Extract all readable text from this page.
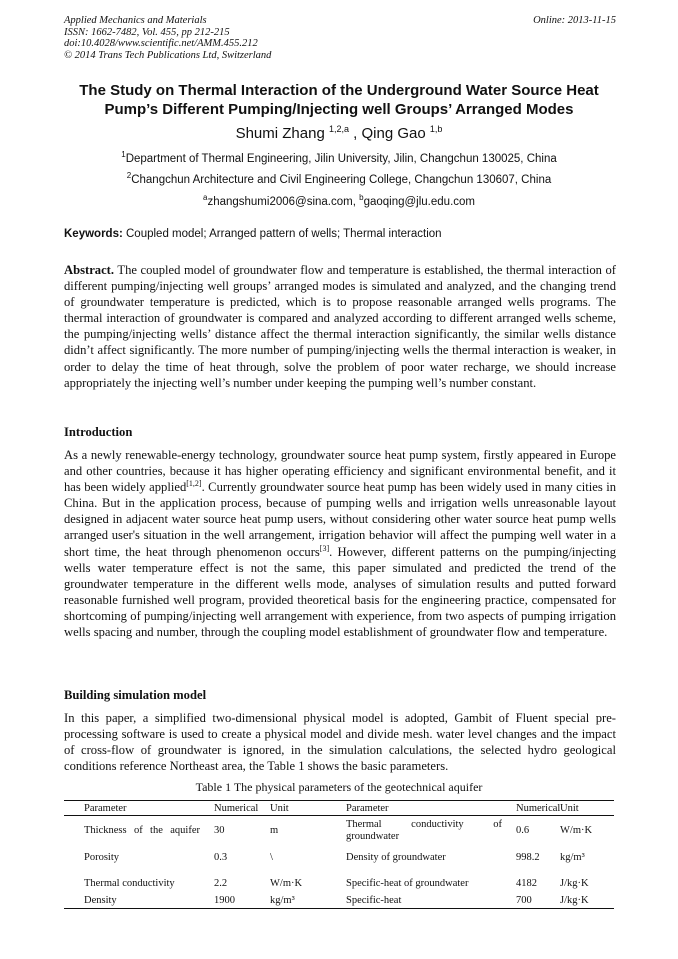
Applied Mechanics and Materials
ISSN: 1662-7482, Vol. 455, pp 212-215
doi:10.4028/www.scientific.net/AMM.455.212
© 2014 Trans Tech Publications Ltd, Switzerland
Online: 2013-11-15
The Study on Thermal Interaction of the Underground Water Source Heat
Pump’s Different Pumping/Injecting well Groups’ Arranged Modes
Shumi Zhang $^{1,2,a}$ , Qing Gao $^{1,b}$
$^1$Department of Thermal Engineering, Jilin University, Jilin, Changchun 130025, China
$^2$Changchun Architecture and Civil Engineering College, Changchun 130607, China
$^a$zhangshumi2006@sina.com, $^b$gaoqing@jlu.edu.com
Keywords: Coupled model; Arranged pattern of wells; Thermal interaction
Abstract. The coupled model of groundwater flow and temperature is established, the thermal interaction of different pumping/injecting well groups’ arranged modes is simulated and analyzed, and the changing trend of groundwater temperature is predicted, which is to propose reasonable arranged wells programs. The thermal interaction of groundwater is compared and analyzed according to different arranged wells scheme, the pumping/injecting wells’ distance affect the thermal interaction significantly, the similar wells distance didn’t affect significantly. The more number of pumping/injecting wells the thermal interaction is weaker, in order to delay the time of heat through, solve the problem of poor water recharge, we should increase appropriately the injecting well’s number under keeping the pumping well’s number constant.
Introduction
As a newly renewable-energy technology, groundwater source heat pump system, firstly appeared in Europe and other countries, because it has higher operating efficiency and significant environmental benefit, and it has been widely applied[1,2]. Currently groundwater source heat pump has been widely used in many cities in China. But in the application process, because of pumping wells and irrigation wells unreasonable layout designed in adjacent water source heat pump users, without considering other water source heat pump wells arranged user's situation in the well arrangement, irrigation behavior will affect the pumping well water in a short time, the heat through phenomenon occurs[3]. However, different patterns on the pumping/injecting wells water temperature effect is not the same, this paper simulated and predicted the trend of the groundwater temperature in the different wells mode, analyses of simulation results and putted forward reasonable furnished well program, provided theoretical basis for the engineering practice, compensated for shortcoming of pumping/injecting well arrangement with experience, from two aspects of pumping irrigation wells spacing and number, through the coupling model establishment of groundwater flow and temperature.
Building simulation model
In this paper, a simplified two-dimensional physical model is adopted, Gambit of Fluent special pre-processing software is used to create a physical model and divide mesh. water level changes and the impact of cross-flow of groundwater is ignored, in the simulation calculations, the selected hydro geological conditions reference Northeast area, the Table 1 shows the basic parameters.
Table 1 The physical parameters of the geotechnical aquifer
Parameter	Numerical	Unit	Parameter	Numerical	Unit
Thickness of the aquifer	30	m	Thermal conductivity of groundwater	0.6	W/m·K
Porosity	0.3	\	Density of groundwater	998.2	kg/m³
Thermal conductivity	2.2	W/m·K	Specific-heat of groundwater	4182	J/kg·K
Density	1900	kg/m³	Specific-heat	700	J/kg·K
